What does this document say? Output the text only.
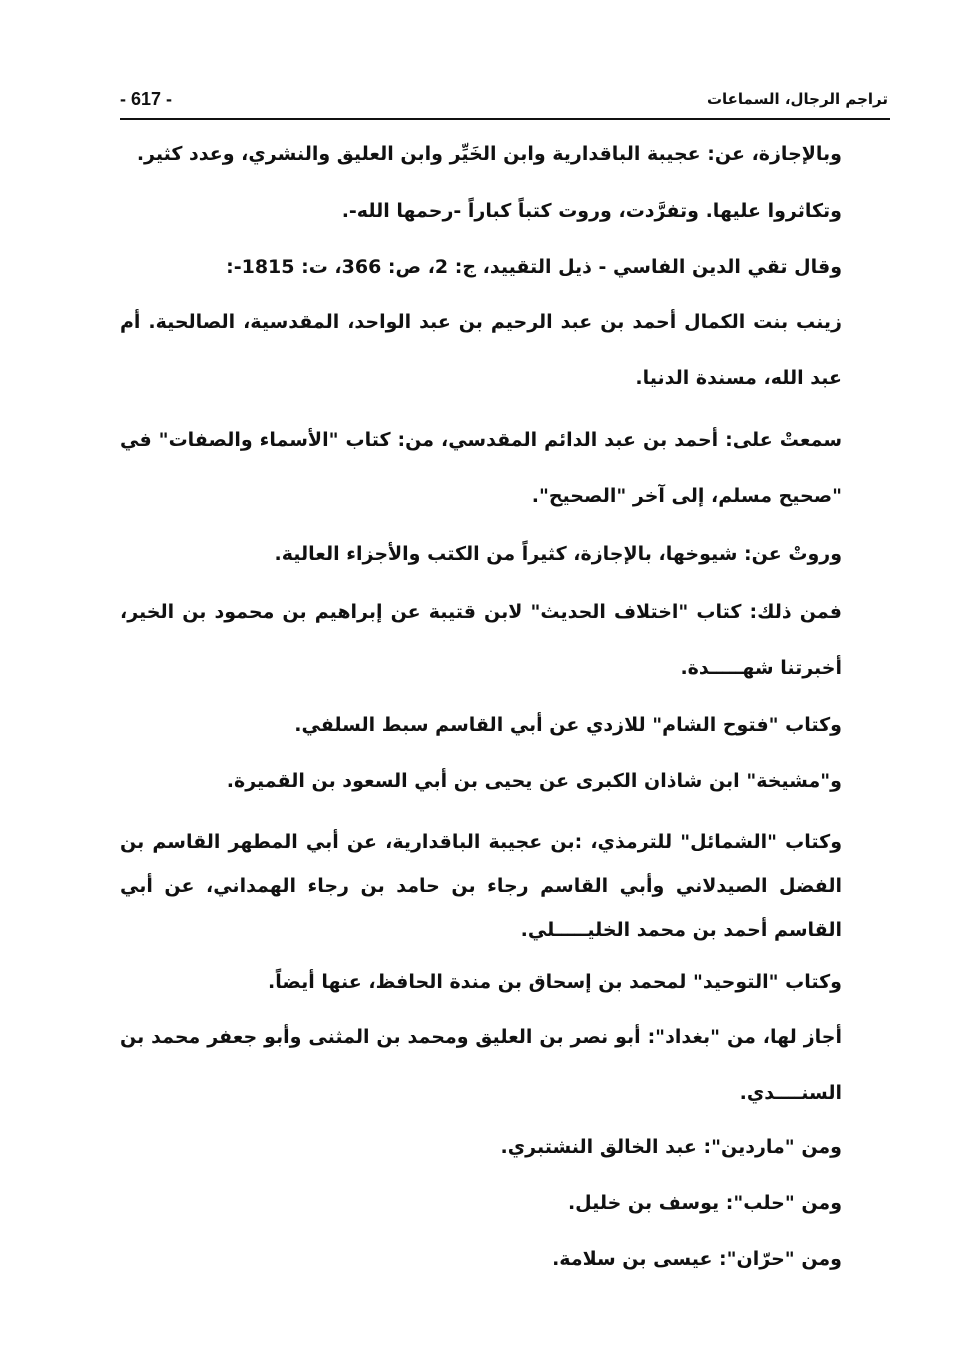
- 617 -	تراجم الرجال، السماعات

وبالإجازة، عن: عجيبة الباقدارية وابن الخَيِّر وابن العليق والنشري، وعدد كثير.

وتكاثروا عليها. وتفرَّدت، وروت كتباً كباراً -رحمها الله-.

وقال تقي الدين الفاسي - ذيل التقييد، ج: 2، ص: 366، ت: 1815-:

زينب بنت الكمال أحمد بن عبد الرحيم بن عبد الواحد، المقدسية، الصالحية. أم عبد الله، مسندة الدنيا.

سمعتْ على: أحمد بن عبد الدائم المقدسي، من: كتاب "الأسماء والصفات" في "صحيح مسلم، إلى آخر "الصحيح".

وروتْ عن: شيوخها، بالإجازة، كثيراً من الكتب والأجزاء العالية.

فمن ذلك: كتاب "اختلاف الحديث" لابن قتيبة عن إبراهيم بن محمود بن الخير، أخبرتنا شهـــــدة.

وكتاب "فتوح الشام" للازدي عن أبي القاسم سبط السلفي.

و"مشيخة" ابن شاذان الكبرى عن يحيى بن أبي السعود بن القميرة.

وكتاب "الشمائل" للترمذي، :بن عجيبة الباقدارية، عن أبي المطهر القاسم بن الفضل الصيدلاني وأبي القاسم رجاء بن حامد بن رجاء الهمداني، عن أبي القاسم أحمد بن محمد الخليـــــلي.

وكتاب "التوحيد" لمحمد بن إسحاق بن مندة الحافظ، عنها أيضاً.

أجاز لها، من "بغداد": أبو نصر بن العليق ومحمد بن المثنى وأبو جعفر محمد بن السنــــدي.

ومن "ماردين": عبد الخالق النشتبري.

ومن "حلب": يوسف بن خليل.

ومن "حرّان": عيسى بن سلامة.
